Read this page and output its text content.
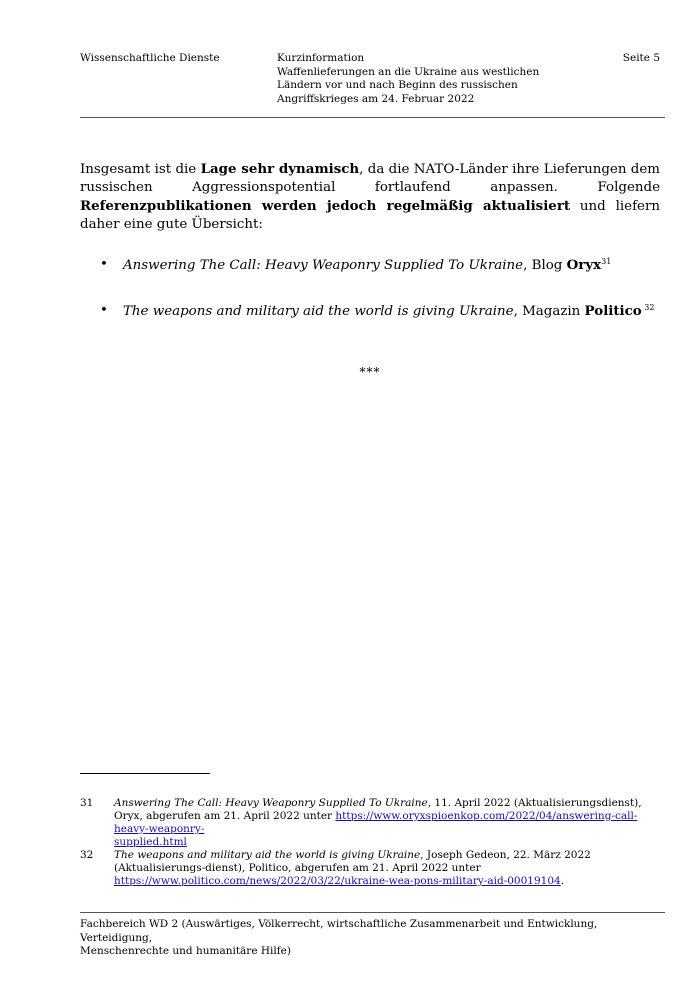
Wissenschaftliche Dienste	Kurzinformation
Waffenlieferungen an die Ukraine aus westlichen
Ländern vor und nach Beginn des russischen
Angriffskrieges am 24. Februar 2022
Seite 5
Insgesamt ist die Lage sehr dynamisch, da die NATO-Länder ihre Lieferungen dem russischen Aggressionspotential fortlaufend anpassen. Folgende Referenzpublikationen werden jedoch regelmäßig aktualisiert und liefern daher eine gute Übersicht:
• Answering The Call: Heavy Weaponry Supplied To Ukraine, Blog Oryx$^{31}$
• The weapons and military aid the world is giving Ukraine, Magazin Politico $^{32}$
***
31 Answering The Call: Heavy Weaponry Supplied To Ukraine, 11. April 2022 (Aktualisierungsdienst), Oryx, abgerufen am 21. April 2022 unter https://www.oryxspioenkop.com/2022/04/answering-call-heavy-weaponry-
supplied.html
32 The weapons and military aid the world is giving Ukraine, Joseph Gedeon, 22. März 2022 (Aktualisierungs-dienst), Politico, abgerufen am 21. April 2022 unter https://www.politico.com/news/2022/03/22/ukraine-wea-pons-military-aid-00019104.
Fachbereich WD 2 (Auswärtiges, Völkerrecht, wirtschaftliche Zusammenarbeit und Entwicklung, Verteidigung,
Menschenrechte und humanitäre Hilfe)
